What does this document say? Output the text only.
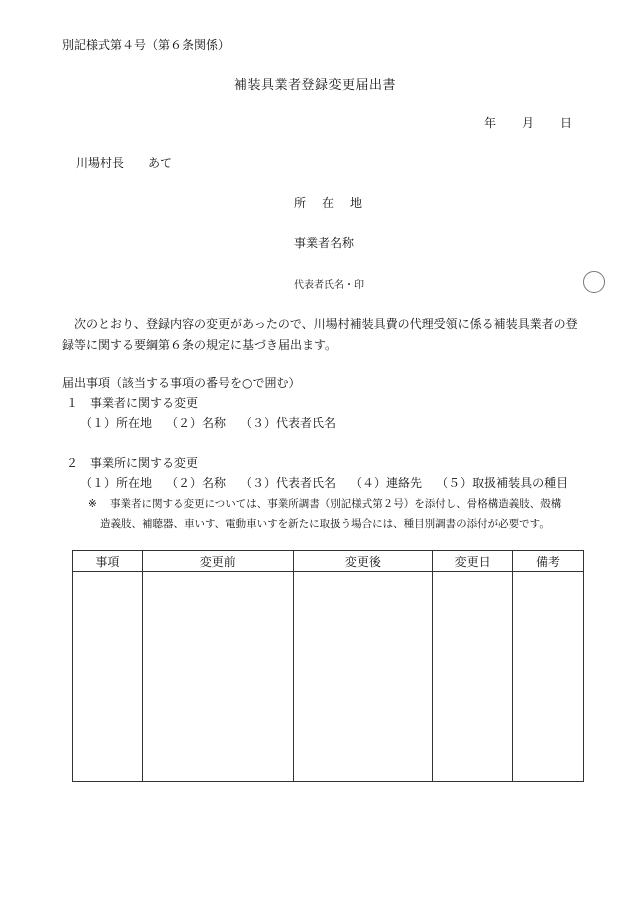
別記様式第４号（第６条関係）
補装具業者登録変更届出書
年 月 日
川場村長　　あて
所　在　地
事業者名称
代表者氏名・印
次のとおり、登録内容の変更があったので、川場村補装具費の代理受領に係る補装具業者の登録等に関する要綱第６条の規定に基づき届出ます。
届出事項（該当する事項の番号を○で囲む）
１　事業者に関する変更
（１）所在地 （２）名称 （３）代表者氏名
２　事業所に関する変更
（１）所在地 （２）名称 （３）代表者氏名 （４）連絡先 （５）取扱補装具の種目
※ 事業者に関する変更については、事業所調書（別記様式第２号）を添付し、骨格構造義肢、殻構
造義肢、補聴器、車いす、電動車いすを新たに取扱う場合には、種目別調書の添付が必要です。
事項	変更前	変更後	変更日	備考
